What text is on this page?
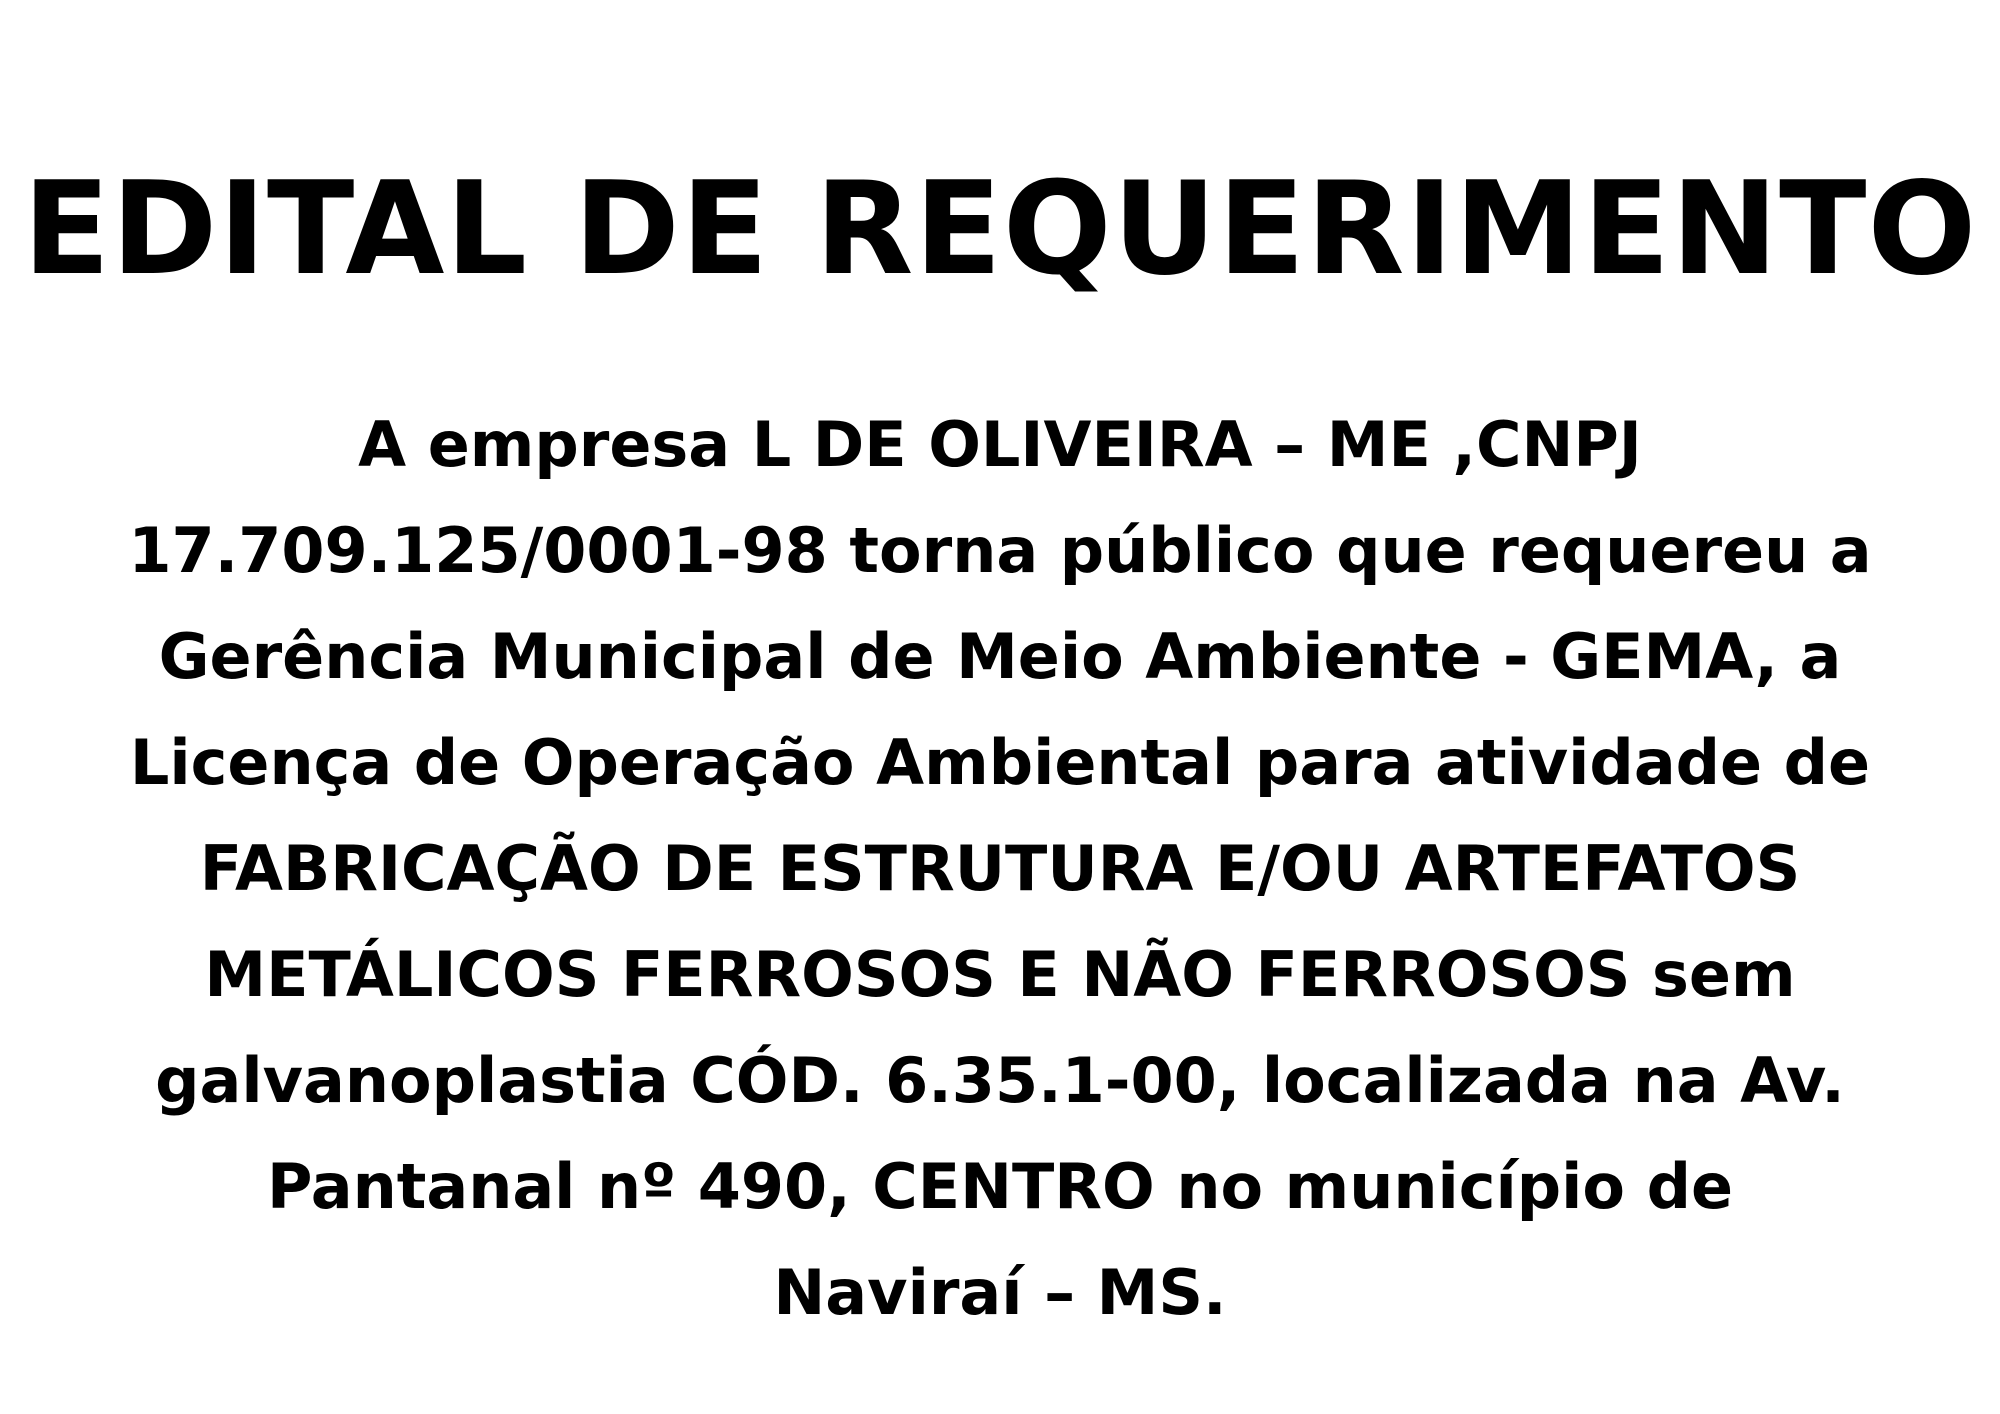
EDITAL DE REQUERIMENTO
A empresa L DE OLIVEIRA – ME ,CNPJ
17.709.125/0001-98 torna público que requereu a
Gerência Municipal de Meio Ambiente - GEMA, a
Licença de Operação Ambiental para atividade de
FABRICAÇÃO DE ESTRUTURA E/OU ARTEFATOS
METÁLICOS FERROSOS E NÃO FERROSOS sem
galvanoplastia CÓD. 6.35.1-00, localizada na Av.
Pantanal nº 490, CENTRO no município de
Naviraí – MS.
